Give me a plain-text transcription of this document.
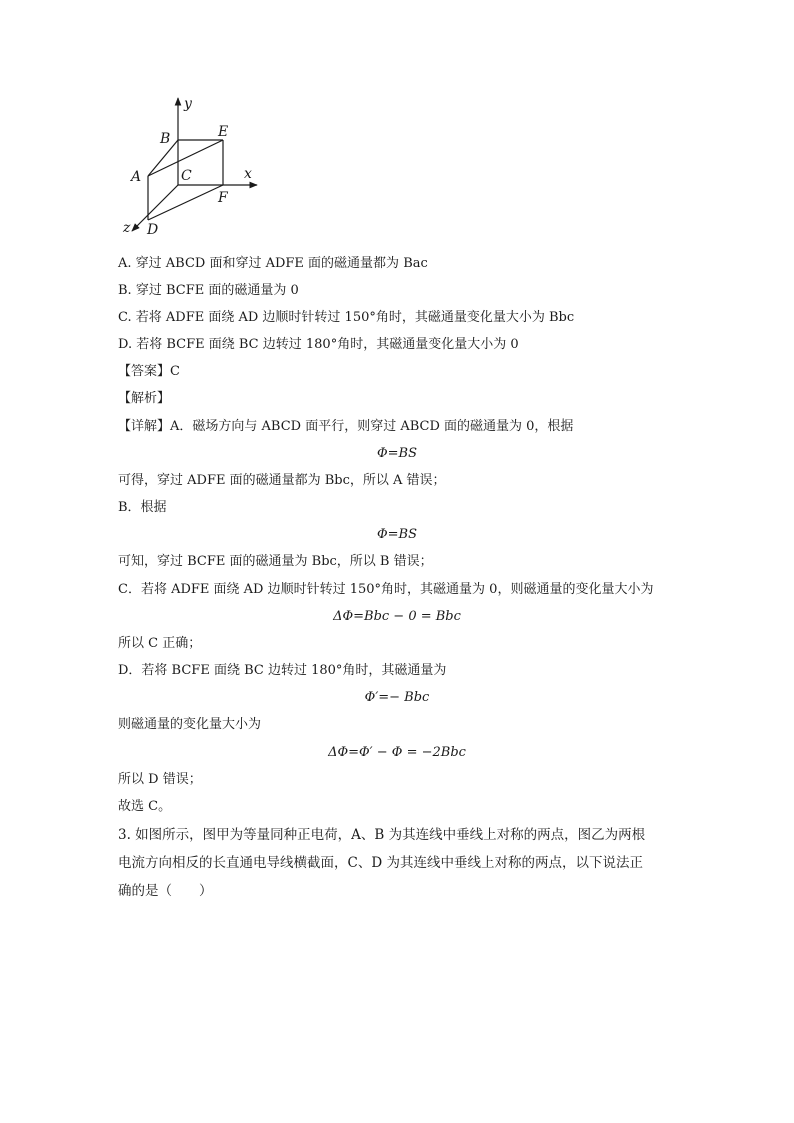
y
x
z
B	E
A	C
F
D
A. 穿过 ABCD 面和穿过 ADFE 面的磁通量都为 Bac
B. 穿过 BCFE 面的磁通量为 0
C. 若将 ADFE 面绕 AD 边顺时针转过 150°角时，其磁通量变化量大小为 Bbc
D. 若将 BCFE 面绕 BC 边转过 180°角时，其磁通量变化量大小为 0
【答案】C
【解析】
【详解】A．磁场方向与 ABCD 面平行，则穿过 ABCD 面的磁通量为 0，根据
Φ=BS
可得，穿过 ADFE 面的磁通量都为 Bbc，所以 A 错误；
B．根据
Φ=BS
可知，穿过 BCFE 面的磁通量为 Bbc，所以 B 错误；
C．若将 ADFE 面绕 AD 边顺时针转过 150°角时，其磁通量为 0，则磁通量的变化量大小为
ΔΦ=Bbc − 0 = Bbc
所以 C 正确；
D．若将 BCFE 面绕 BC 边转过 180°角时，其磁通量为
Φ′=− Bbc
则磁通量的变化量大小为
ΔΦ=Φ′ − Φ = −2Bbc
所以 D 错误；
故选 C。
3. 如图所示，图甲为等量同种正电荷，A、B 为其连线中垂线上对称的两点，图乙为两根
电流方向相反的长直通电导线横截面，C、D 为其连线中垂线上对称的两点，以下说法正
确的是（　　）
